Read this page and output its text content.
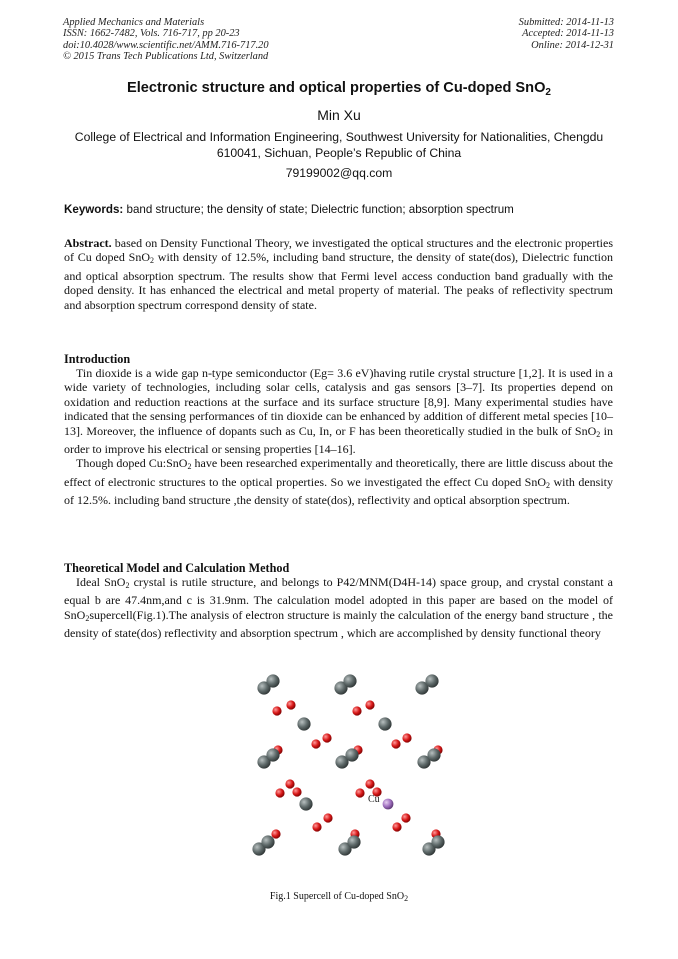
Applied Mechanics and Materials
ISSN: 1662-7482, Vols. 716-717, pp 20-23
doi:10.4028/www.scientific.net/AMM.716-717.20
© 2015 Trans Tech Publications Ltd, Switzerland
Submitted: 2014-11-13
Accepted: 2014-11-13
Online: 2014-12-31
Electronic structure and optical properties of Cu-doped SnO$_2$
Min Xu
College of Electrical and Information Engineering, Southwest University for Nationalities, Chengdu
610041, Sichuan, People’s Republic of China
79199002@qq.com
Keywords: band structure; the density of state; Dielectric function; absorption spectrum
Abstract. based on Density Functional Theory, we investigated the optical structures and the electronic properties of Cu doped SnO$_2$ with density of 12.5%, including band structure, the density of state(dos), Dielectric function and optical absorption spectrum. The results show that Fermi level access conduction band gradually with the doped density. It has enhanced the electrical and metal property of material. The peaks of reflectivity spectrum and absorption spectrum correspond density of state.
Introduction

Tin dioxide is a wide gap n-type semiconductor (Eg= 3.6 eV)having rutile crystal structure [1,2]. It is used in a wide variety of technologies, including solar cells, catalysis and gas sensors [3–7]. Its properties depend on oxidation and reduction reactions at the surface and its surface structure [8,9]. Many experimental studies have indicated that the sensing performances of tin dioxide can be enhanced by addition of different metal species [10–13]. Moreover, the influence of dopants such as Cu, In, or F has been theoretically studied in the bulk of SnO$_2$ in order to improve his electrical or sensing properties [14–16].

Though doped Cu:SnO$_2$ have been researched experimentally and theoretically, there are little discuss about the effect of electronic structures to the optical properties. So we investigated the effect Cu doped SnO$_2$ with density of 12.5%. including band structure ,the density of state(dos), reflectivity and optical absorption spectrum.

Theoretical Model and Calculation Method

Ideal SnO$_2$ crystal is rutile structure, and belongs to P42/MNM(D4H-14) space group, and crystal constant a equal b are 47.4nm,and c is 31.9nm. The calculation model adopted in this paper are based on the model of SnO$_2$supercell(Fig.1).The analysis of electron structure is mainly the calculation of the energy band structure , the density of state(dos) reflectivity and absorption spectrum , which are accomplished by density functional theory

Cu
Fig.1 Supercell of Cu-doped SnO$_2$
